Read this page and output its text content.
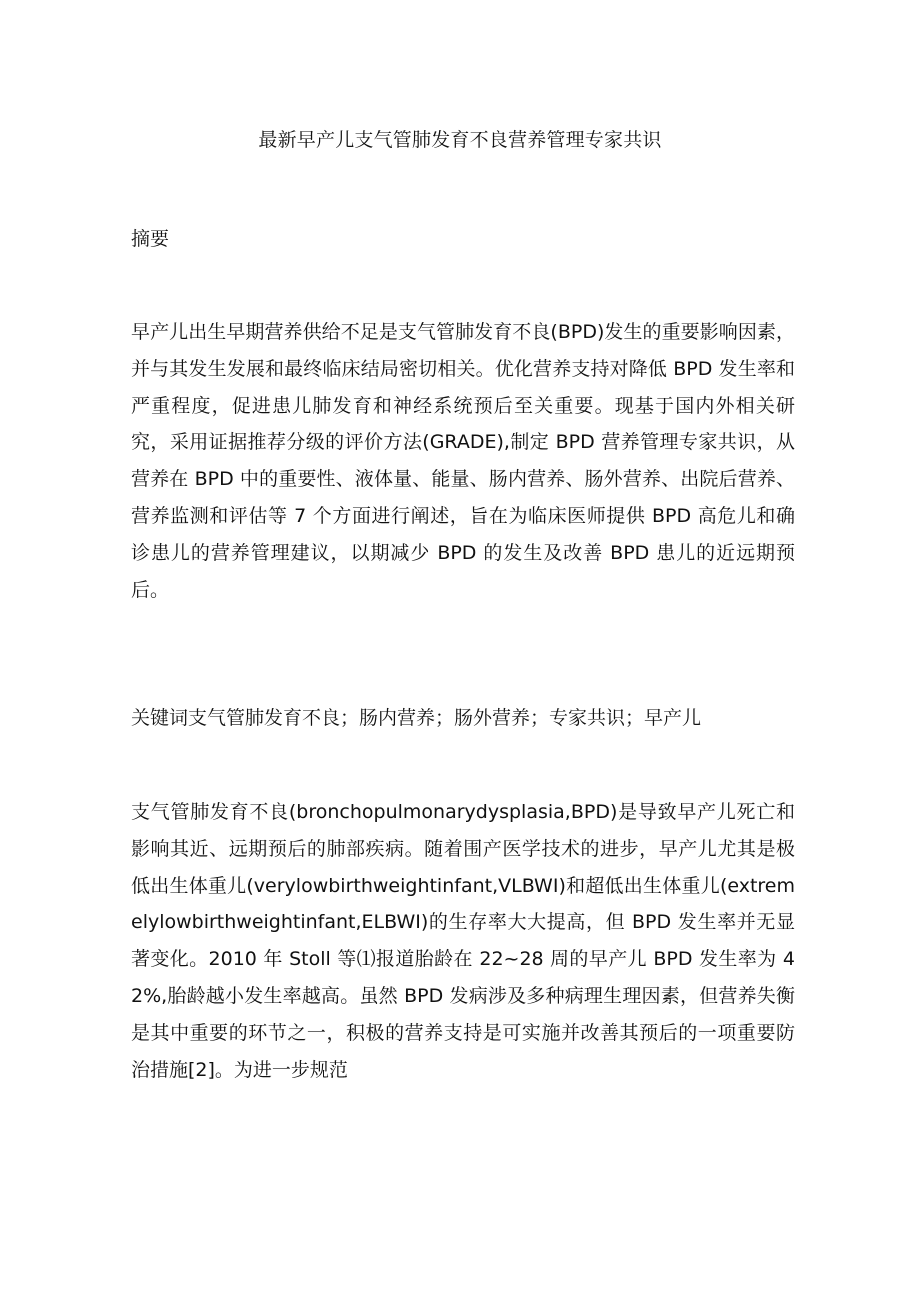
最新早产儿支气管肺发育不良营养管理专家共识
摘要

早产儿出生早期营养供给不足是支气管肺发育不良(BPD)发生的重要影响因素，并与其发生发展和最终临床结局密切相关。优化营养支持对降低 BPD 发生率和严重程度，促进患儿肺发育和神经系统预后至关重要。现基于国内外相关研究，采用证据推荐分级的评价方法(GRADE),制定 BPD 营养管理专家共识，从营养在 BPD 中的重要性、液体量、能量、肠内营养、肠外营养、出院后营养、营养监测和评估等 7 个方面进行阐述，旨在为临床医师提供 BPD 高危儿和确诊患儿的营养管理建议，以期减少 BPD 的发生及改善 BPD 患儿的近远期预后。

关键词支气管肺发育不良；肠内营养；肠外营养；专家共识；早产儿

支气管肺发育不良(bronchopulmonarydysplasia,BPD)是导致早产儿死亡和影响其近、远期预后的肺部疾病。随着围产医学技术的进步，早产儿尤其是极低出生体重儿(verylowbirthweightinfant,VLBWI)和超低出生体重儿(extremelylowbirthweightinfant,ELBWI)的生存率大大提高，但 BPD 发生率并无显著变化。2010 年 Stoll 等⑴报道胎龄在 22~28 周的早产儿 BPD 发生率为 42%,胎龄越小发生率越高。虽然 BPD 发病涉及多种病理生理因素，但营养失衡是其中重要的环节之一，积极的营养支持是可实施并改善其预后的一项重要防治措施[2]。为进一步规范
